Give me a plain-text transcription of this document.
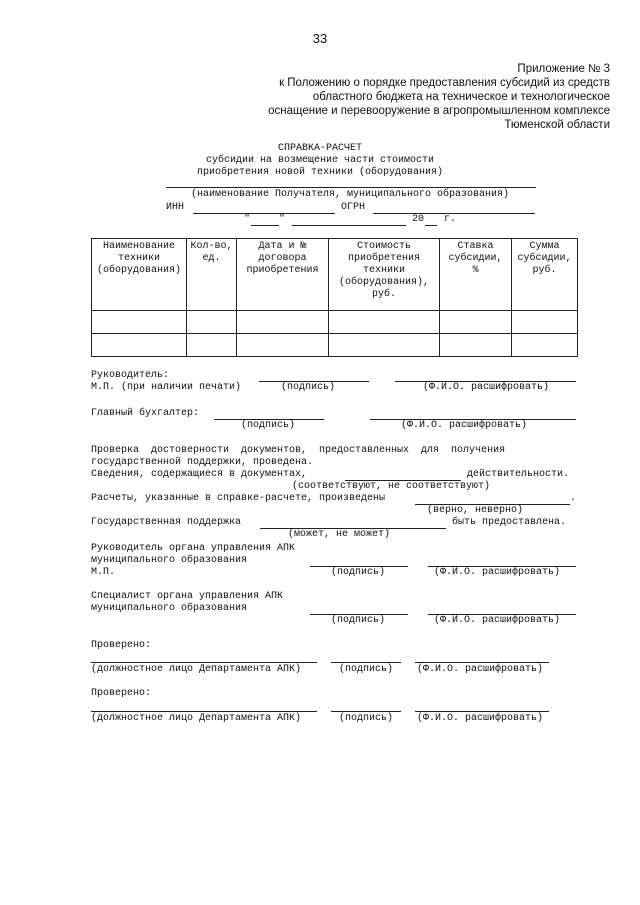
33
Приложение № 3
к Положению о порядке предоставления субсидий из средств
областного бюджета на техническое и технологическое
оснащение и перевооружение в агропромышленном комплексе
Тюменской области
СПРАВКА-РАСЧЕТ
субсидии на возмещение части стоимости
приобретения новой техники (оборудования)
(наименование Получателя, муниципального образования)
ИНН	ОГРН
"	"	20 г.
Наименование техники (оборудования)	Кол-во, ед.	Дата и № договора приобретения	Стоимость приобретения техники (оборудования), руб.	Ставка субсидии, %	Сумма субсидии, руб.

Руководитель:
М.П. (при наличии печати)	(подпись)	(Ф.И.О. расшифровать)
Главный бухгалтер:
(подпись)	(Ф.И.О. расшифровать)
Проверка  достоверности  документов,  предоставленных  для  получения
государственной поддержки, проведена.
Сведения, содержащиеся в документах,	действительности.
(соответствуют, не соответствуют)
Расчеты, указанные в справке-расчете, произведены	.
(верно, неверно)
Государственная поддержка	быть предоставлена.
(может, не может)
Руководитель органа управления АПК
муниципального образования
М.П.	(подпись)	(Ф.И.О. расшифровать)
Специалист органа управления АПК
муниципального образования
(подпись)	(Ф.И.О. расшифровать)
Проверено:
(должностное лицо Департамента АПК)	(подпись) (Ф.И.О. расшифровать)
Проверено:
(должностное лицо Департамента АПК)	(подпись) (Ф.И.О. расшифровать)
